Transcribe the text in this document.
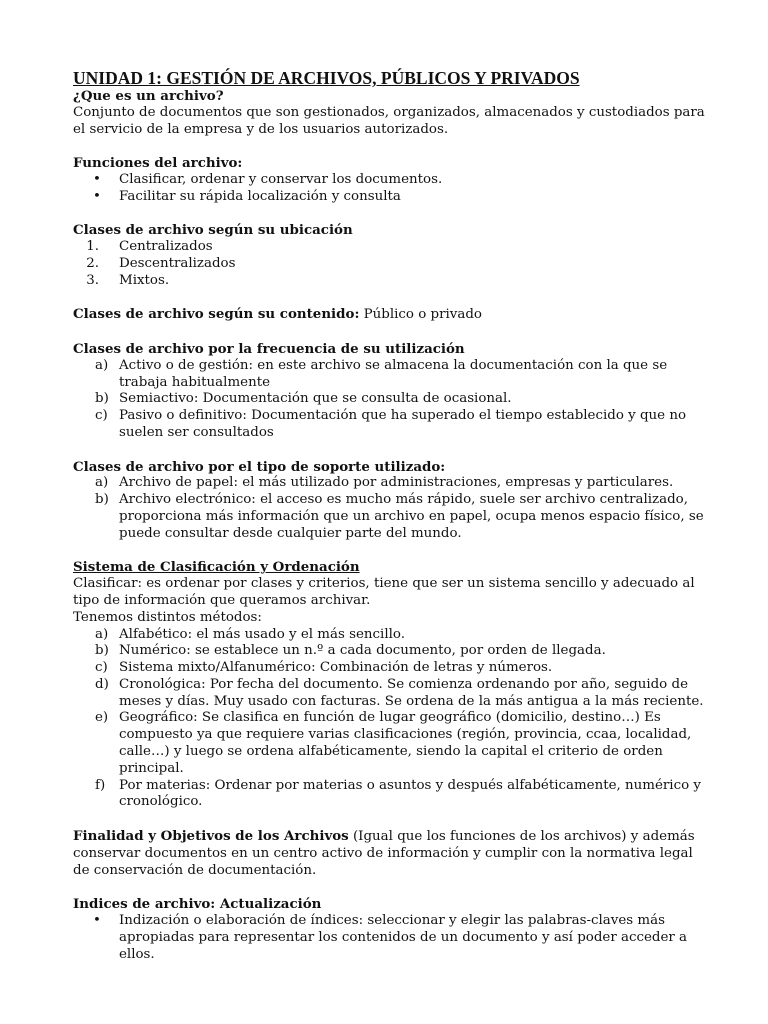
UNIDAD 1: GESTIÓN DE ARCHIVOS, PÚBLICOS Y PRIVADOS

¿Que es un archivo?

Conjunto de documentos que son gestionados, organizados, almacenados y custodiados para el servicio de la empresa y de los usuarios autorizados.

Funciones del archivo:

•	Clasificar, ordenar y conservar los documentos.
•	Facilitar su rápida localización y consulta

Clases de archivo según su ubicación

1. Centralizados
2. Descentralizados
3. Mixtos.

Clases de archivo según su contenido: Público o privado

Clases de archivo por la frecuencia de su utilización

a) Activo o de gestión: en este archivo se almacena la documentación con la que se trabaja habitualmente
b) Semiactivo: Documentación que se consulta de ocasional.
c) Pasivo o definitivo: Documentación que ha superado el tiempo establecido y que no suelen ser consultados

Clases de archivo por el tipo de soporte utilizado:

a) Archivo de papel: el más utilizado por administraciones, empresas y particulares.
b) Archivo electrónico: el acceso es mucho más rápido, suele ser archivo centralizado, proporciona más información que un archivo en papel, ocupa menos espacio físico, se puede consultar desde cualquier parte del mundo.

Sistema de Clasificación y Ordenación

Clasificar: es ordenar por clases y criterios, tiene que ser un sistema sencillo y adecuado al tipo de información que queramos archivar.

Tenemos distintos métodos:

a) Alfabético: el más usado y el más sencillo.
b) Numérico: se establece un n.º a cada documento, por orden de llegada.
c) Sistema mixto/Alfanumérico: Combinación de letras y números.
d) Cronológica: Por fecha del documento. Se comienza ordenando por año, seguido de meses y días. Muy usado con facturas. Se ordena de la más antigua a la más reciente.
e) Geográfico: Se clasifica en función de lugar geográfico (domicilio, destino…) Es compuesto ya que requiere varias clasificaciones (región, provincia, ccaa, localidad, calle…) y luego se ordena alfabéticamente, siendo la capital el criterio de orden principal.
f)	Por materias: Ordenar por materias o asuntos y después alfabéticamente, numérico y cronológico.

Finalidad y Objetivos de los Archivos (Igual que los funciones de los archivos) y además conservar documentos en un centro activo de información y cumplir con la normativa legal de conservación de documentación.

Indices de archivo: Actualización

•	Indización o elaboración de índices: seleccionar y elegir las palabras-claves más apropiadas para representar los contenidos de un documento y así poder acceder a ellos.
